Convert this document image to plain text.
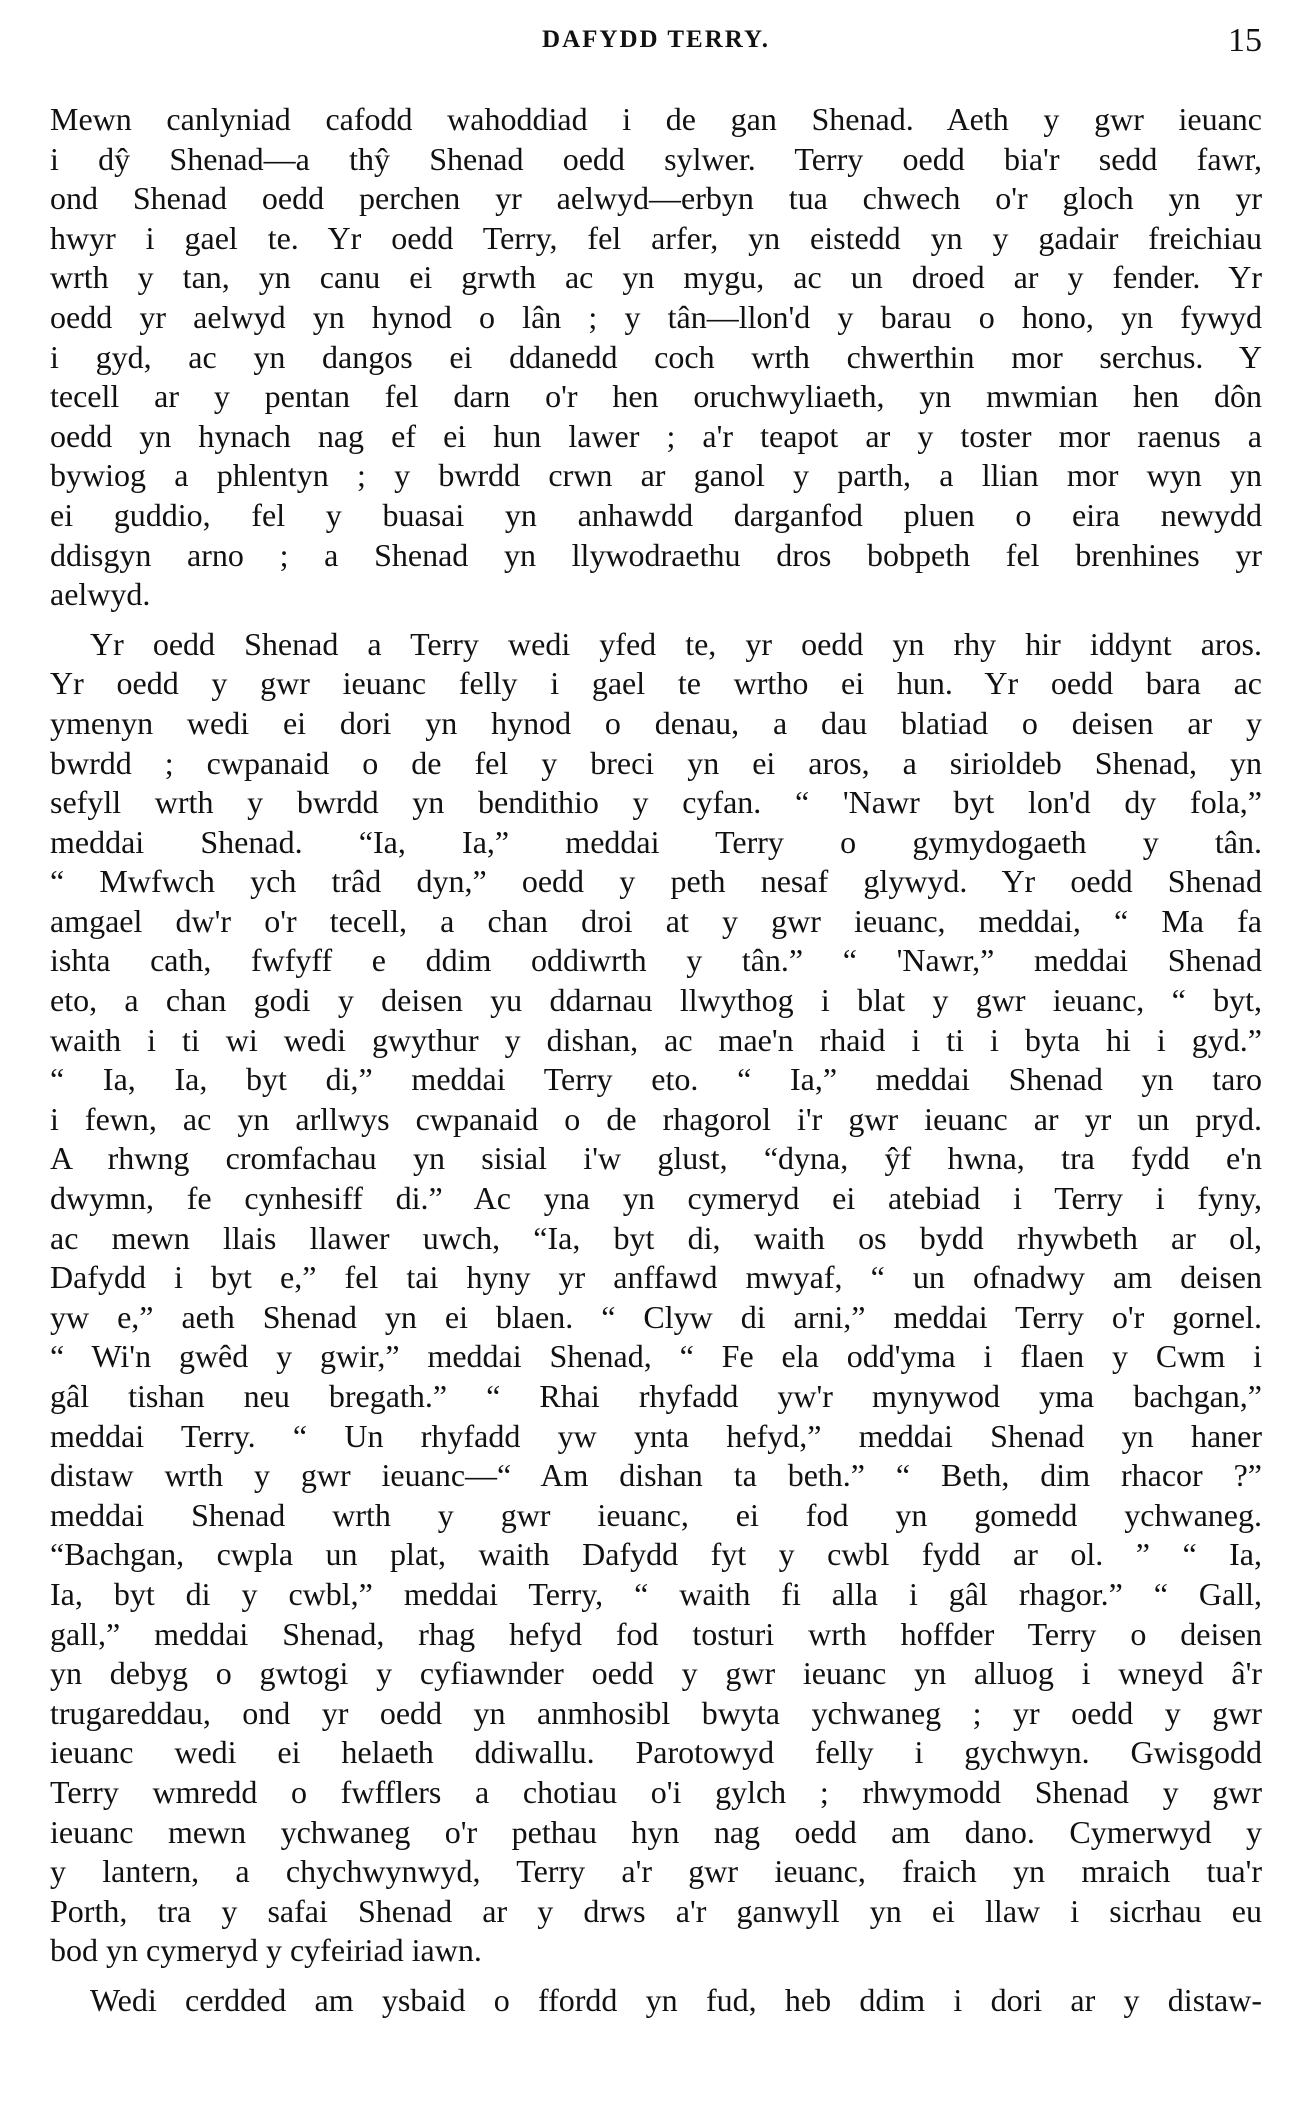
DAFYDD TERRY.	15
Mewn canlyniad cafodd wahoddiad i de gan Shenad. Aeth y gwr ieuanc
i dŷ Shenad—a thŷ Shenad oedd sylwer. Terry oedd bia'r sedd fawr,
ond Shenad oedd perchen yr aelwyd—erbyn tua chwech o'r gloch yn yr
hwyr i gael te. Yr oedd Terry, fel arfer, yn eistedd yn y gadair freichiau
wrth y tan, yn canu ei grwth ac yn mygu, ac un droed ar y fender. Yr
oedd yr aelwyd yn hynod o lân ; y tân—llon'd y barau o hono, yn fywyd
i gyd, ac yn dangos ei ddanedd coch wrth chwerthin mor serchus. Y
tecell ar y pentan fel darn o'r hen oruchwyliaeth, yn mwmian hen dôn
oedd yn hynach nag ef ei hun lawer ; a'r teapot ar y toster mor raenus a
bywiog a phlentyn ; y bwrdd crwn ar ganol y parth, a llian mor wyn yn
ei guddio, fel y buasai yn anhawdd darganfod pluen o eira newydd
ddisgyn arno ; a Shenad yn llywodraethu dros bobpeth fel brenhines yr
aelwyd.
Yr oedd Shenad a Terry wedi yfed te, yr oedd yn rhy hir iddynt aros.
Yr oedd y gwr ieuanc felly i gael te wrtho ei hun. Yr oedd bara ac
ymenyn wedi ei dori yn hynod o denau, a dau blatiad o deisen ar y
bwrdd ; cwpanaid o de fel y breci yn ei aros, a sirioldeb Shenad, yn
sefyll wrth y bwrdd yn bendithio y cyfan. “ 'Nawr byt lon'd dy fola,”
meddai Shenad. “Ia, Ia,” meddai Terry o gymydogaeth y tân.
“ Mwfwch ych trâd dyn,” oedd y peth nesaf glywyd. Yr oedd Shenad
amgael dw'r o'r tecell, a chan droi at y gwr ieuanc, meddai, “ Ma fa
ishta cath, fwfyff e ddim oddiwrth y tân.” “ 'Nawr,” meddai Shenad
eto, a chan godi y deisen yu ddarnau llwythog i blat y gwr ieuanc, “ byt,
waith i ti wi wedi gwythur y dishan, ac mae'n rhaid i ti i byta hi i gyd.”
“ Ia, Ia, byt di,” meddai Terry eto. “ Ia,” meddai Shenad yn taro
i fewn, ac yn arllwys cwpanaid o de rhagorol i'r gwr ieuanc ar yr un pryd.
A rhwng cromfachau yn sisial i'w glust, “dyna, ŷf hwna, tra fydd e'n
dwymn, fe cynhesiff di.” Ac yna yn cymeryd ei atebiad i Terry i fyny,
ac mewn llais llawer uwch, “Ia, byt di, waith os bydd rhywbeth ar ol,
Dafydd i byt e,” fel tai hyny yr anffawd mwyaf, “ un ofnadwy am deisen
yw e,” aeth Shenad yn ei blaen. “ Clyw di arni,” meddai Terry o'r gornel.
“ Wi'n gwêd y gwir,” meddai Shenad, “ Fe ela odd'yma i flaen y Cwm i
gâl tishan neu bregath.” “ Rhai rhyfadd yw'r mynywod yma bachgan,”
meddai Terry. “ Un rhyfadd yw ynta hefyd,” meddai Shenad yn haner
distaw wrth y gwr ieuanc—“ Am dishan ta beth.” “ Beth, dim rhacor ?”
meddai Shenad wrth y gwr ieuanc, ei fod yn gomedd ychwaneg.
“Bachgan, cwpla un plat, waith Dafydd fyt y cwbl fydd ar ol. ” “ Ia,
Ia, byt di y cwbl,” meddai Terry, “ waith fi alla i gâl rhagor.” “ Gall,
gall,” meddai Shenad, rhag hefyd fod tosturi wrth hoffder Terry o deisen
yn debyg o gwtogi y cyfiawnder oedd y gwr ieuanc yn alluog i wneyd â'r
trugareddau, ond yr oedd yn anmhosibl bwyta ychwaneg ; yr oedd y gwr
ieuanc wedi ei helaeth ddiwallu. Parotowyd felly i gychwyn. Gwisgodd
Terry wmredd o fwfflers a chotiau o'i gylch ; rhwymodd Shenad y gwr
ieuanc mewn ychwaneg o'r pethau hyn nag oedd am dano. Cymerwyd y
y lantern, a chychwynwyd, Terry a'r gwr ieuanc, fraich yn mraich tua'r
Porth, tra y safai Shenad ar y drws a'r ganwyll yn ei llaw i sicrhau eu
bod yn cymeryd y cyfeiriad iawn.
Wedi cerdded am ysbaid o ffordd yn fud, heb ddim i dori ar y distaw-
